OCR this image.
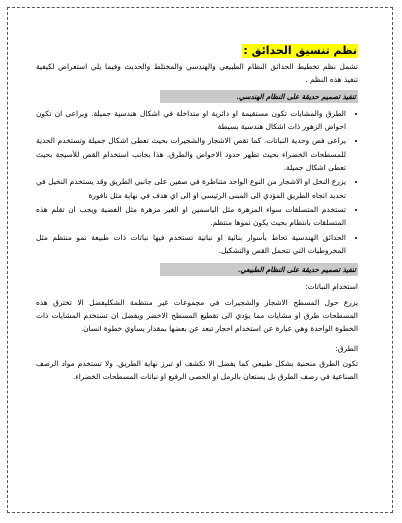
نظم تنسيق الحدائق :

تشمل نظم تخطيط الحدائق النظام الطبيعي والهندسي والمختلط والحديث وفيما يلي استعراض لكيفية تنفيذ هذه النظم .

تنفيذ تصميم حديقة على النظام الهندسي.
• الطرق والمشايات تكون مستقيمة او دائرية او متداخلة في اشكال هندسية جميلة. ويراعى ان تكون احواض الزهور ذات اشكال هندسية بسيطة
• يراعى فص وحدية النباتات. كما تقص الاشجار والشجيرات بحيث تعطى اشكال جميلة وتستخدم الحدية للمسطحات الخضراء بحيث تظهر حدود الاحواض والطرق. هذا بجانب استخدام القص للأسيجة بحيث تعطى اشكال جميلة.
• يزرع النخل او الاشجار من النوع الواحد متناظرة في صفين على جانبي الطريق وقد يستخدم النخيل في تحديد اتجاه الطريق المؤدي الى المبنى الرئيسي او الى اي هدف في نهاية مثل نافورة
• تستخدم المتسلقات سواء المزهرة مثل الياسمين او الغير مزهرة مثل الفضية ويجب ان تقلم هذه المتسلقات بانتظام بحيث يكون نموها منتظم.
• الحدائق الهندسية تحاط بأسوار بنائية او نباتية تستخدم فيها نباتات ذات طبيعة نمو منتظم مثل المخروطيات التي تتحمل القص والتشكيل.
تنفيذ تصميم حديقة على النظام الطبيعي.

استخدام النباتات:

يزرع حول المسطح الاشجار والشجيرات في مجموعات غير منتظمة الشكليفضل الا تخترق هذه المسطحات طرق او مشايات مما يؤدي الى تقطيع المسطح الاخضر ويفضل ان تستخدم المشايات ذات الخطوة الواحدة وهي عبارة عن استخدام احجار تبعد عن بعضها بمقدار يساوي خطوة انسان.

الطرق:

تكون الطرق منحنية بشكل طبيعي كما يفضل الا تكشف او تبرز نهاية الطريق. ولا تستخدم مواد الرصف الصناعية في رصف الطرق بل يستعان بالرمل او الحصى الرفيع او نباتات المسطحات الخضراء.
